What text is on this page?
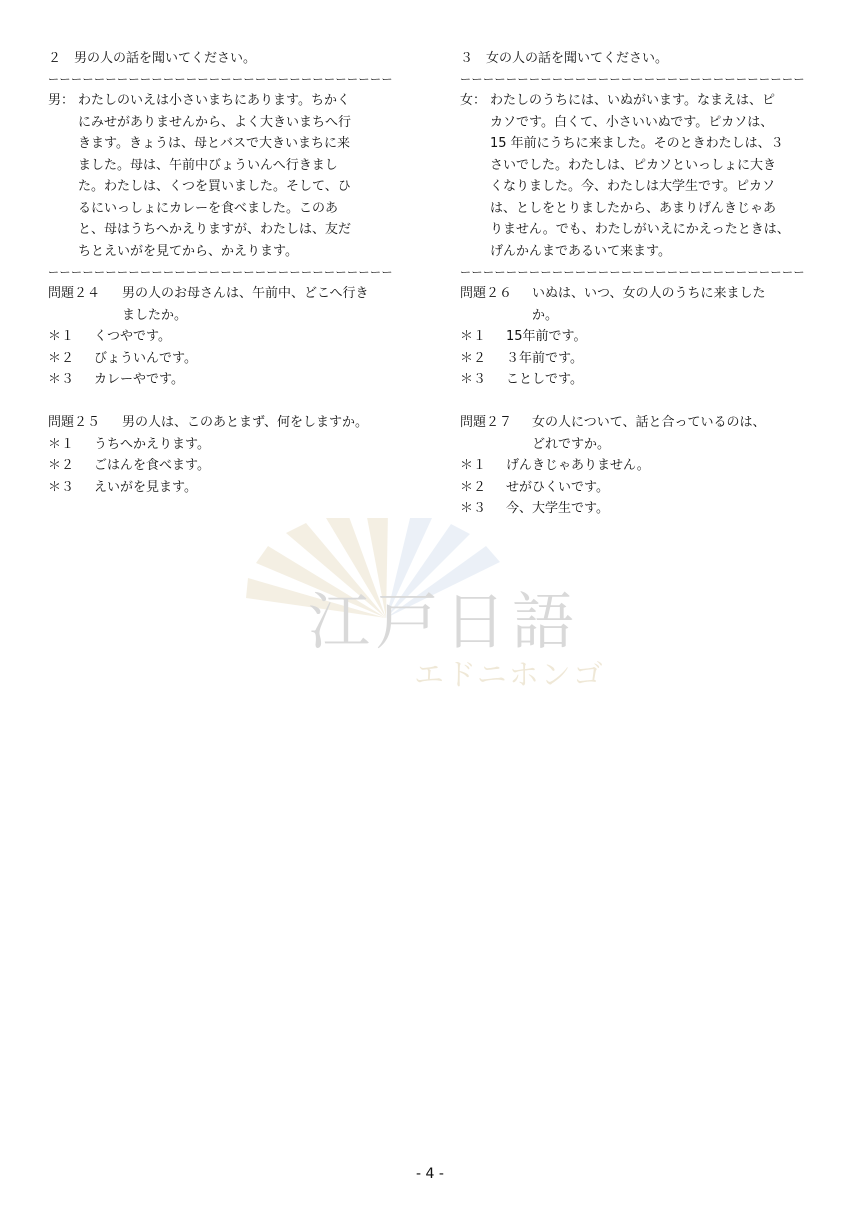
２　男の人の話を聞いてください。
ーーーーーーーーーーーーーーーーーーーーーーーーーーーーーー
男： わたしのいえは小さいまちにあります。ちかく
にみせがありませんから、よく大きいまちへ行
きます。きょうは、母とバスで大きいまちに来
ました。母は、午前中びょういんへ行きまし
た。わたしは、くつを買いました。そして、ひ
るにいっしょにカレーを食べました。このあ
と、母はうちへかえりますが、わたしは、友だ
ちとえいがを見てから、かえります。
ーーーーーーーーーーーーーーーーーーーーーーーーーーーーーー
問題２４	男の人のお母さんは、午前中、どこへ行き
ましたか。
＊１	くつやです。
＊２	びょういんです。
＊３	カレーやです。
問題２５	男の人は、このあとまず、何をしますか。
＊１	うちへかえります。
＊２	ごはんを食べます。
＊３	えいがを見ます。
３　女の人の話を聞いてください。
ーーーーーーーーーーーーーーーーーーーーーーーーーーーーーー
女： わたしのうちには、いぬがいます。なまえは、ピ
カソです。白くて、小さいいぬです。ピカソは、
15 年前にうちに来ました。そのときわたしは、３
さいでした。わたしは、ピカソといっしょに大き
くなりました。今、わたしは大学生です。ピカソ
は、としをとりましたから、あまりげんきじゃあ
りません。でも、わたしがいえにかえったときは、
げんかんまであるいて来ます。
ーーーーーーーーーーーーーーーーーーーーーーーーーーーーーー
問題２６	いぬは、いつ、女の人のうちに来ました
か。
＊１	15年前です。
＊２	３年前です。
＊３	ことしです。
問題２７	女の人について、話と合っているのは、
どれですか。
＊１	げんきじゃありません。
＊２	せがひくいです。
＊３	今、大学生です。
江戸日語
エドニホンゴ
- 4 -
